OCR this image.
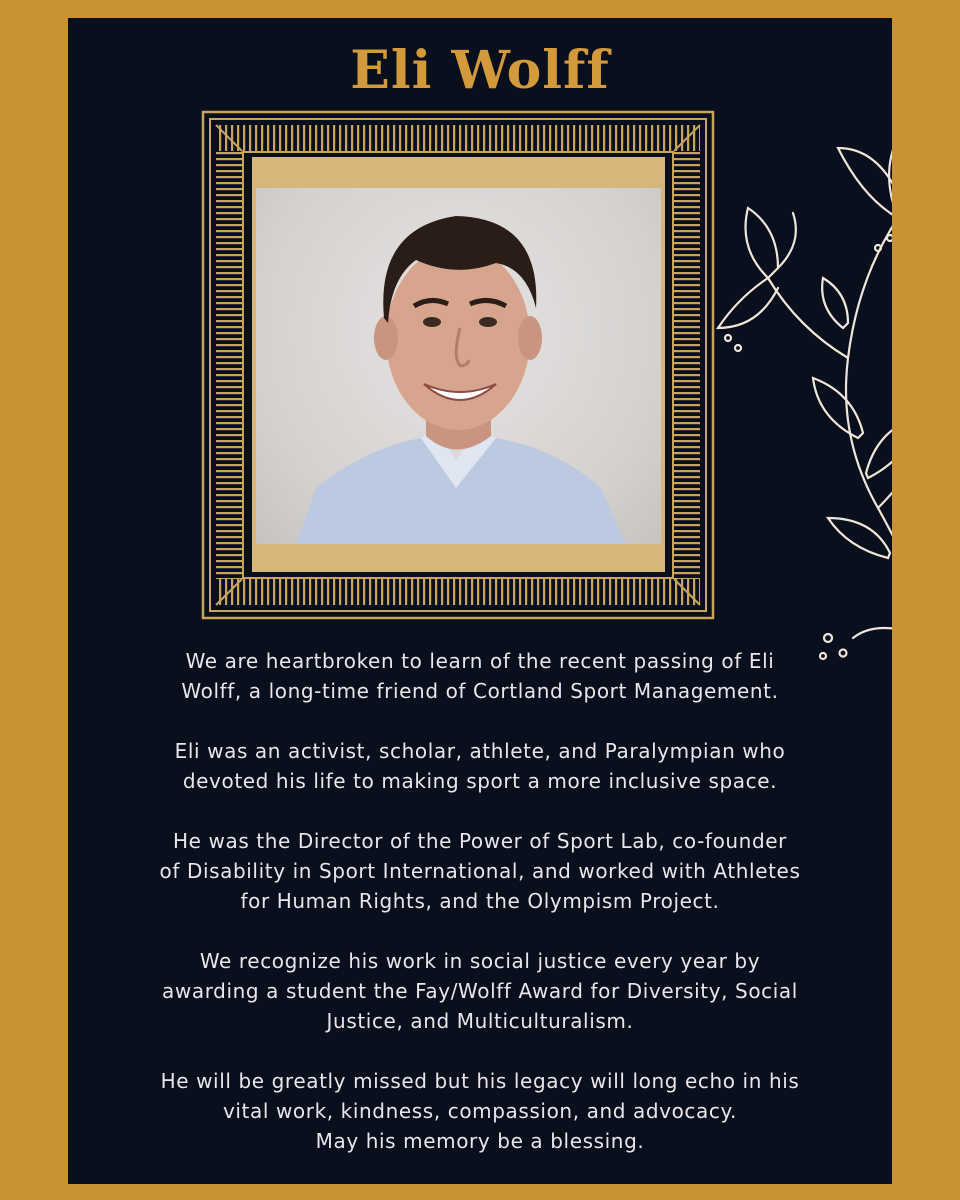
Eli Wolff

We are heartbroken to learn of the recent passing of Eli
Wolff, a long-time friend of Cortland Sport Management.

Eli was an activist, scholar, athlete, and Paralympian who
devoted his life to making sport a more inclusive space.

He was the Director of the Power of Sport Lab, co-founder
of Disability in Sport International, and worked with Athletes
for Human Rights, and the Olympism Project.

We recognize his work in social justice every year by
awarding a student the Fay/Wolff Award for Diversity, Social
Justice, and Multiculturalism.

He will be greatly missed but his legacy will long echo in his
vital work, kindness, compassion, and advocacy.
May his memory be a blessing.
